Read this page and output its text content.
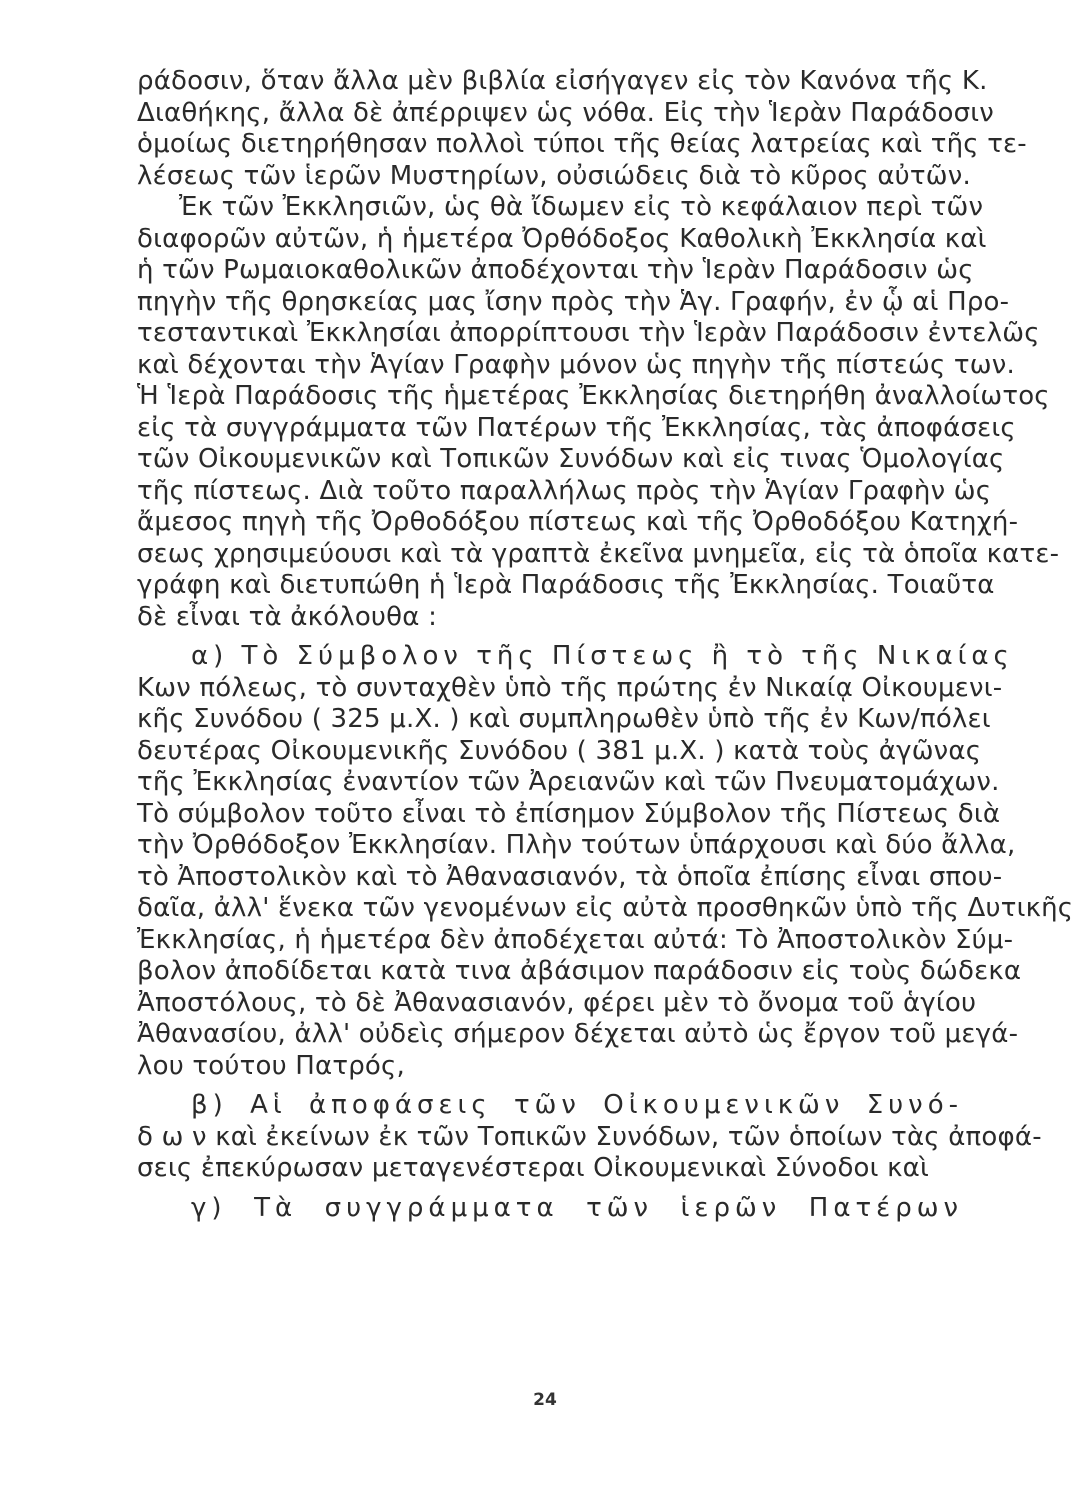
ράδοσιν, ὅταν ἄλλα μὲν βιβλία εἰσήγαγεν εἰς τὸν Κανόνα τῆς Κ.
Διαθήκης, ἄλλα δὲ ἀπέρριψεν ὡς νόθα. Εἰς τὴν Ἱερὰν Παράδοσιν
ὁμοίως διετηρήθησαν πολλοὶ τύποι τῆς θείας λατρείας καὶ τῆς τε-
λέσεως τῶν ἱερῶν Μυστηρίων, οὐσιώδεις διὰ τὸ κῦρος αὐτῶν.
Ἐκ τῶν Ἐκκλησιῶν, ὡς θὰ ἴδωμεν εἰς τὸ κεφάλαιον περὶ τῶν
διαφορῶν αὐτῶν, ἡ ἡμετέρα Ὀρθόδοξος Καθολικὴ Ἐκκλησία καὶ
ἡ τῶν Ρωμαιοκαθολικῶν ἀποδέχονται τὴν Ἱερὰν Παράδοσιν ὡς
πηγὴν τῆς θρησκείας μας ἴσην πρὸς τὴν Ἁγ. Γραφήν, ἐν ᾧ αἱ Προ-
τεσταντικαὶ Ἐκκλησίαι ἀπορρίπτουσι τὴν Ἱερὰν Παράδοσιν ἐντελῶς
καὶ δέχονται τὴν Ἁγίαν Γραφὴν μόνον ὡς πηγὴν τῆς πίστεώς των.
Ἡ Ἱερὰ Παράδοσις τῆς ἡμετέρας Ἐκκλησίας διετηρήθη ἀναλλοίωτος
εἰς τὰ συγγράμματα τῶν Πατέρων τῆς Ἐκκλησίας, τὰς ἀποφάσεις
τῶν Οἰκουμενικῶν καὶ Τοπικῶν Συνόδων καὶ εἰς τινας Ὁμολογίας
τῆς πίστεως. Διὰ τοῦτο παραλλήλως πρὸς τὴν Ἁγίαν Γραφὴν ὡς
ἄμεσος πηγὴ τῆς Ὀρθοδόξου πίστεως καὶ τῆς Ὀρθοδόξου Κατηχή-
σεως χρησιμεύουσι καὶ τὰ γραπτὰ ἐκεῖνα μνημεῖα, εἰς τὰ ὁποῖα κατε-
γράφη καὶ διετυπώθη ἡ Ἱερὰ Παράδοσις τῆς Ἐκκλησίας. Τοιαῦτα
δὲ εἶναι τὰ ἀκόλουθα :
α) Τὸ Σύμβολον τῆς Πίστεως ἢ τὸ τῆς Νικαίας
Κων πόλεως, τὸ συνταχθὲν ὑπὸ τῆς πρώτης ἐν Νικαίᾳ Οἰκουμενι-
κῆς Συνόδου ( 325 μ.Χ. ) καὶ συμπληρωθὲν ὑπὸ τῆς ἐν Κων/πόλει
δευτέρας Οἰκουμενικῆς Συνόδου ( 381 μ.Χ. ) κατὰ τοὺς ἀγῶνας
τῆς Ἐκκλησίας ἐναντίον τῶν Ἀρειανῶν καὶ τῶν Πνευματομάχων.
Τὸ σύμβολον τοῦτο εἶναι τὸ ἐπίσημον Σύμβολον τῆς Πίστεως διὰ
τὴν Ὀρθόδοξον Ἐκκλησίαν. Πλὴν τούτων ὑπάρχουσι καὶ δύο ἄλλα,
τὸ Ἀποστολικὸν καὶ τὸ Ἀθανασιανόν, τὰ ὁποῖα ἐπίσης εἶναι σπου-
δαῖα, ἀλλ' ἕνεκα τῶν γενομένων εἰς αὐτὰ προσθηκῶν ὑπὸ τῆς Δυτικῆς
Ἐκκλησίας, ἡ ἡμετέρα δὲν ἀποδέχεται αὐτά: Τὸ Ἀποστολικὸν Σύμ-
βολον ἀποδίδεται κατὰ τινα ἀβάσιμον παράδοσιν εἰς τοὺς δώδεκα
Ἀποστόλους, τὸ δὲ Ἀθανασιανόν, φέρει μὲν τὸ ὄνομα τοῦ ἁγίου
Ἀθανασίου, ἀλλ' οὐδεὶς σήμερον δέχεται αὐτὸ ὡς ἔργον τοῦ μεγά-
λου τούτου Πατρός,
β) Αἱ ἀποφάσεις τῶν Οἰκουμενικῶν Συνό-
δ ω ν καὶ ἐκείνων ἐκ τῶν Τοπικῶν Συνόδων, τῶν ὁποίων τὰς ἀποφά-
σεις ἐπεκύρωσαν μεταγενέστεραι Οἰκουμενικαὶ Σύνοδοι καὶ
γ) Τὰ συγγράμματα τῶν ἱερῶν Πατέρων
24
